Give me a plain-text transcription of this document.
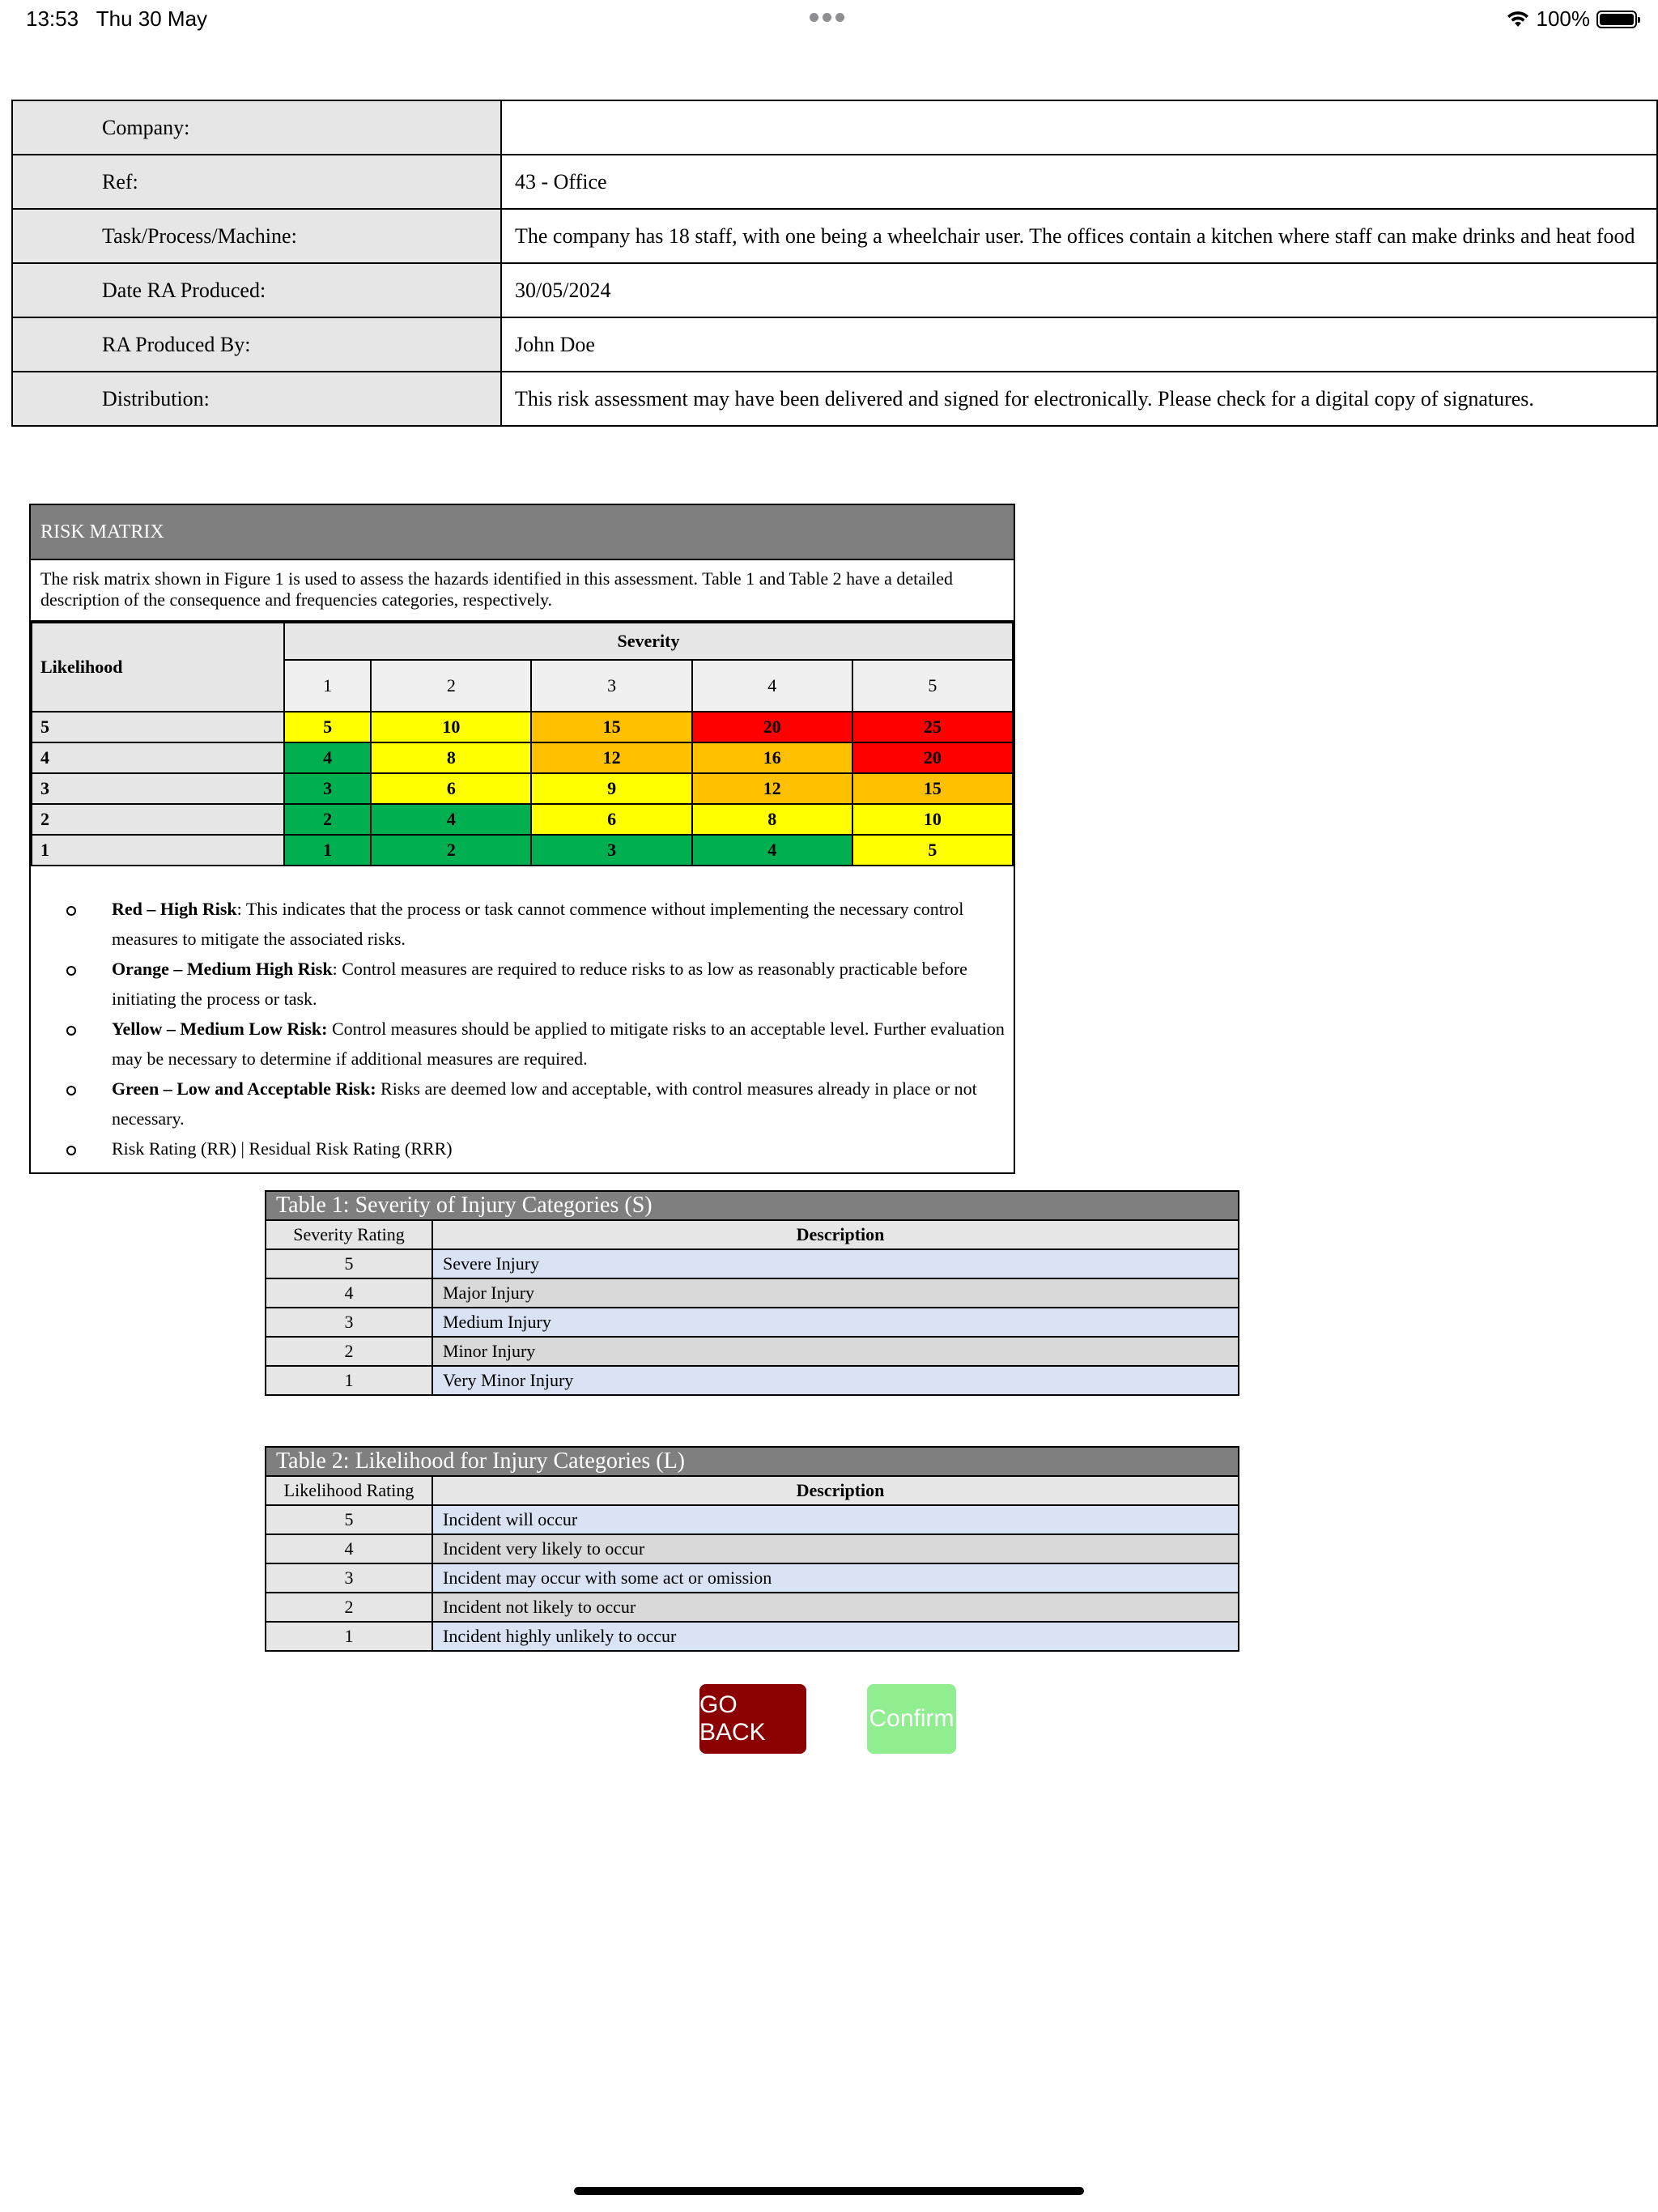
13:53 Thu 30 May	100%
Company:	
Ref:	43 - Office
Task/Process/Machine:	The company has 18 staff, with one being a wheelchair user. The offices contain a kitchen where staff can make drinks and heat food
Date RA Produced:	30/05/2024
RA Produced By:	John Doe
Distribution:	This risk assessment may have been delivered and signed for electronically. Please check for a digital copy of signatures.
RISK MATRIX
The risk matrix shown in Figure 1 is used to assess the hazards identified in this assessment. Table 1 and Table 2 have a detailed description of the consequence and frequencies categories, respectively.
Likelihood	Severity				
	1	2	3	4	5
5	5	10	15	20	25
4	4	8	12	16	20
3	3	6	9	12	15
2	2	4	6	8	10
1	1	2	3	4	5
Red – High Risk: This indicates that the process or task cannot commence without implementing the necessary control measures to mitigate the associated risks.
Orange – Medium High Risk: Control measures are required to reduce risks to as low as reasonably practicable before initiating the process or task.
Yellow – Medium Low Risk: Control measures should be applied to mitigate risks to an acceptable level. Further evaluation may be necessary to determine if additional measures are required.
Green – Low and Acceptable Risk: Risks are deemed low and acceptable, with control measures already in place or not necessary.
Risk Rating (RR) | Residual Risk Rating (RRR)
Table 1: Severity of Injury Categories (S)	
Severity Rating	Description
5	Severe Injury
4	Major Injury
3	Medium Injury
2	Minor Injury
1	Very Minor Injury
Table 2: Likelihood for Injury Categories (L)	
Likelihood Rating	Description
5	Incident will occur
4	Incident very likely to occur
3	Incident may occur with some act or omission
2	Incident not likely to occur
1	Incident highly unlikely to occur
GO BACK
Confirm
